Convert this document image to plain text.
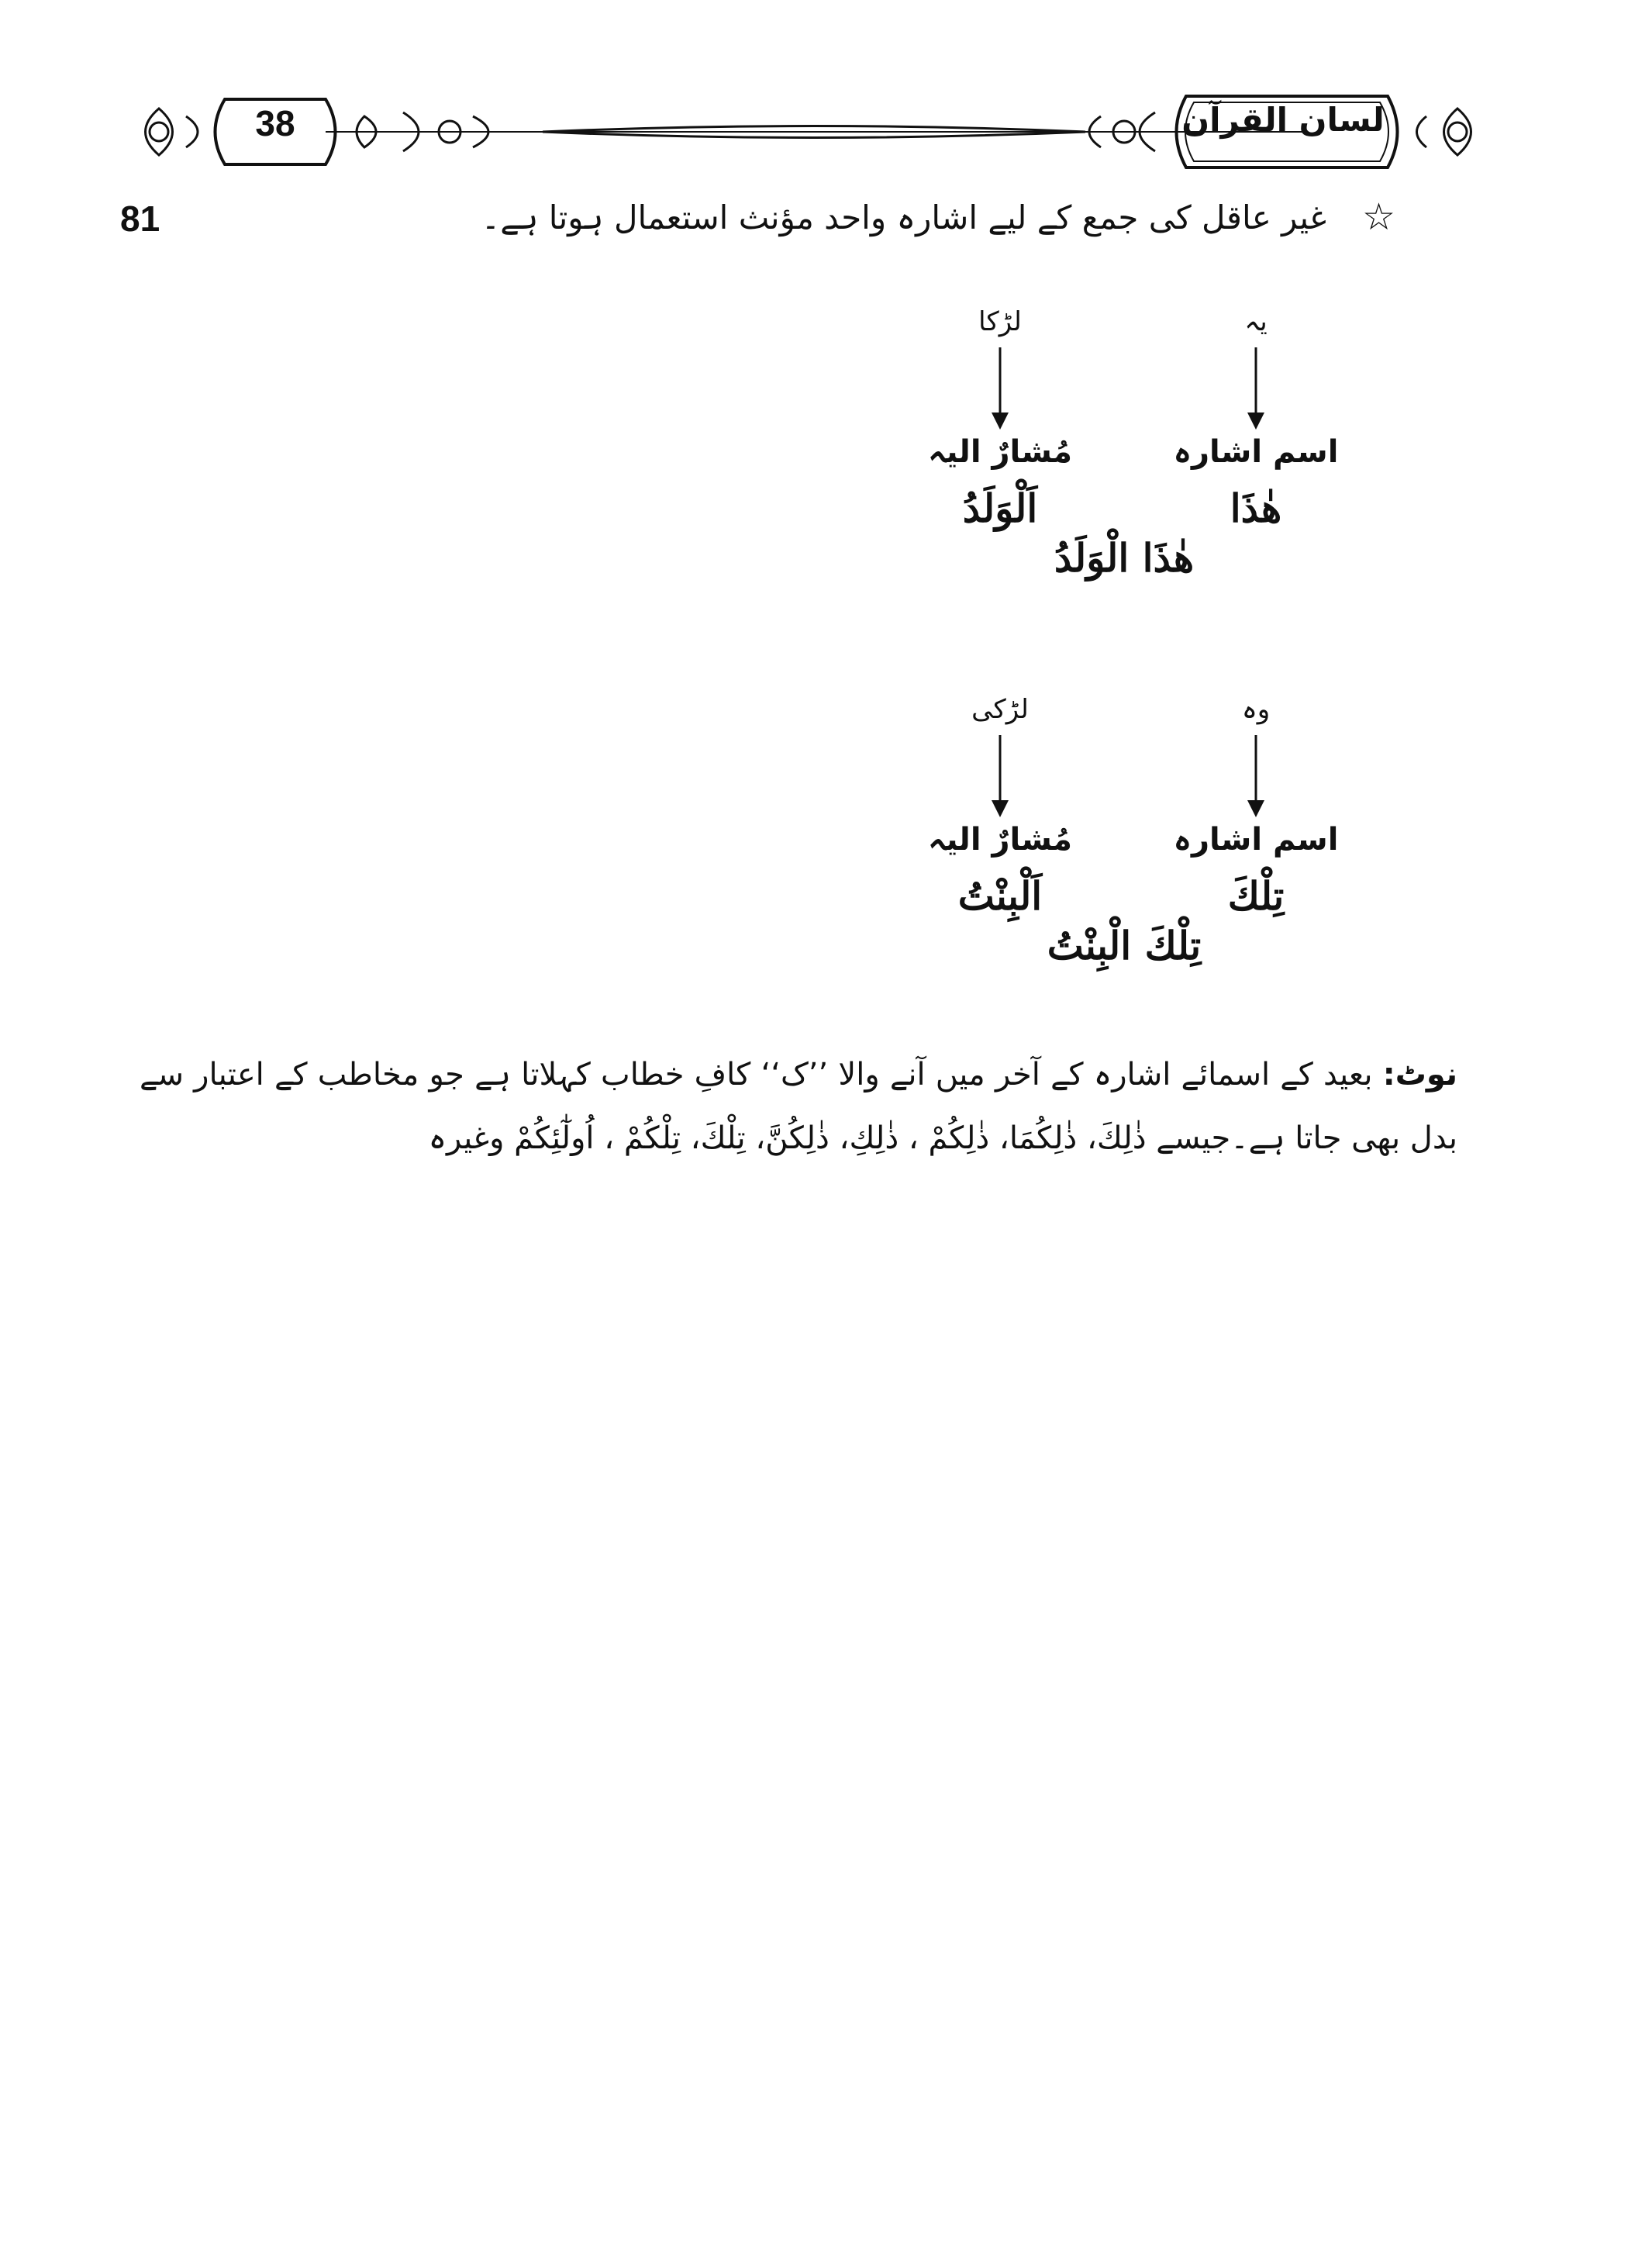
38	لسان القرآن
81	☆
غیر عاقل کی جمع کے لیے اشارہ واحد مؤنث استعمال ہوتا ہے۔
یہ
اسم اشارہ
هٰذَا
لڑکا
مُشارٌ الیہ
اَلْوَلَدُ
هٰذَا الْوَلَدُ
وہ
اسم اشارہ
تِلْكَ
لڑکی
مُشارٌ الیہ
اَلْبِنْتُ
تِلْكَ الْبِنْتُ
نوٹ: بعید کے اسمائے اشارہ کے آخر میں آنے والا ’’ک‘‘ کافِ خطاب کہلاتا ہے جو مخاطب کے اعتبار سے بدل بھی جاتا ہے۔جیسے ذٰلِكَ، ذٰلِكُمَا، ذٰلِكُمْ ، ذٰلِكِ، ذٰلِكُنَّ، تِلْكَ، تِلْكُمْ ، اُولٰٓئِكُمْ وغیرہ
